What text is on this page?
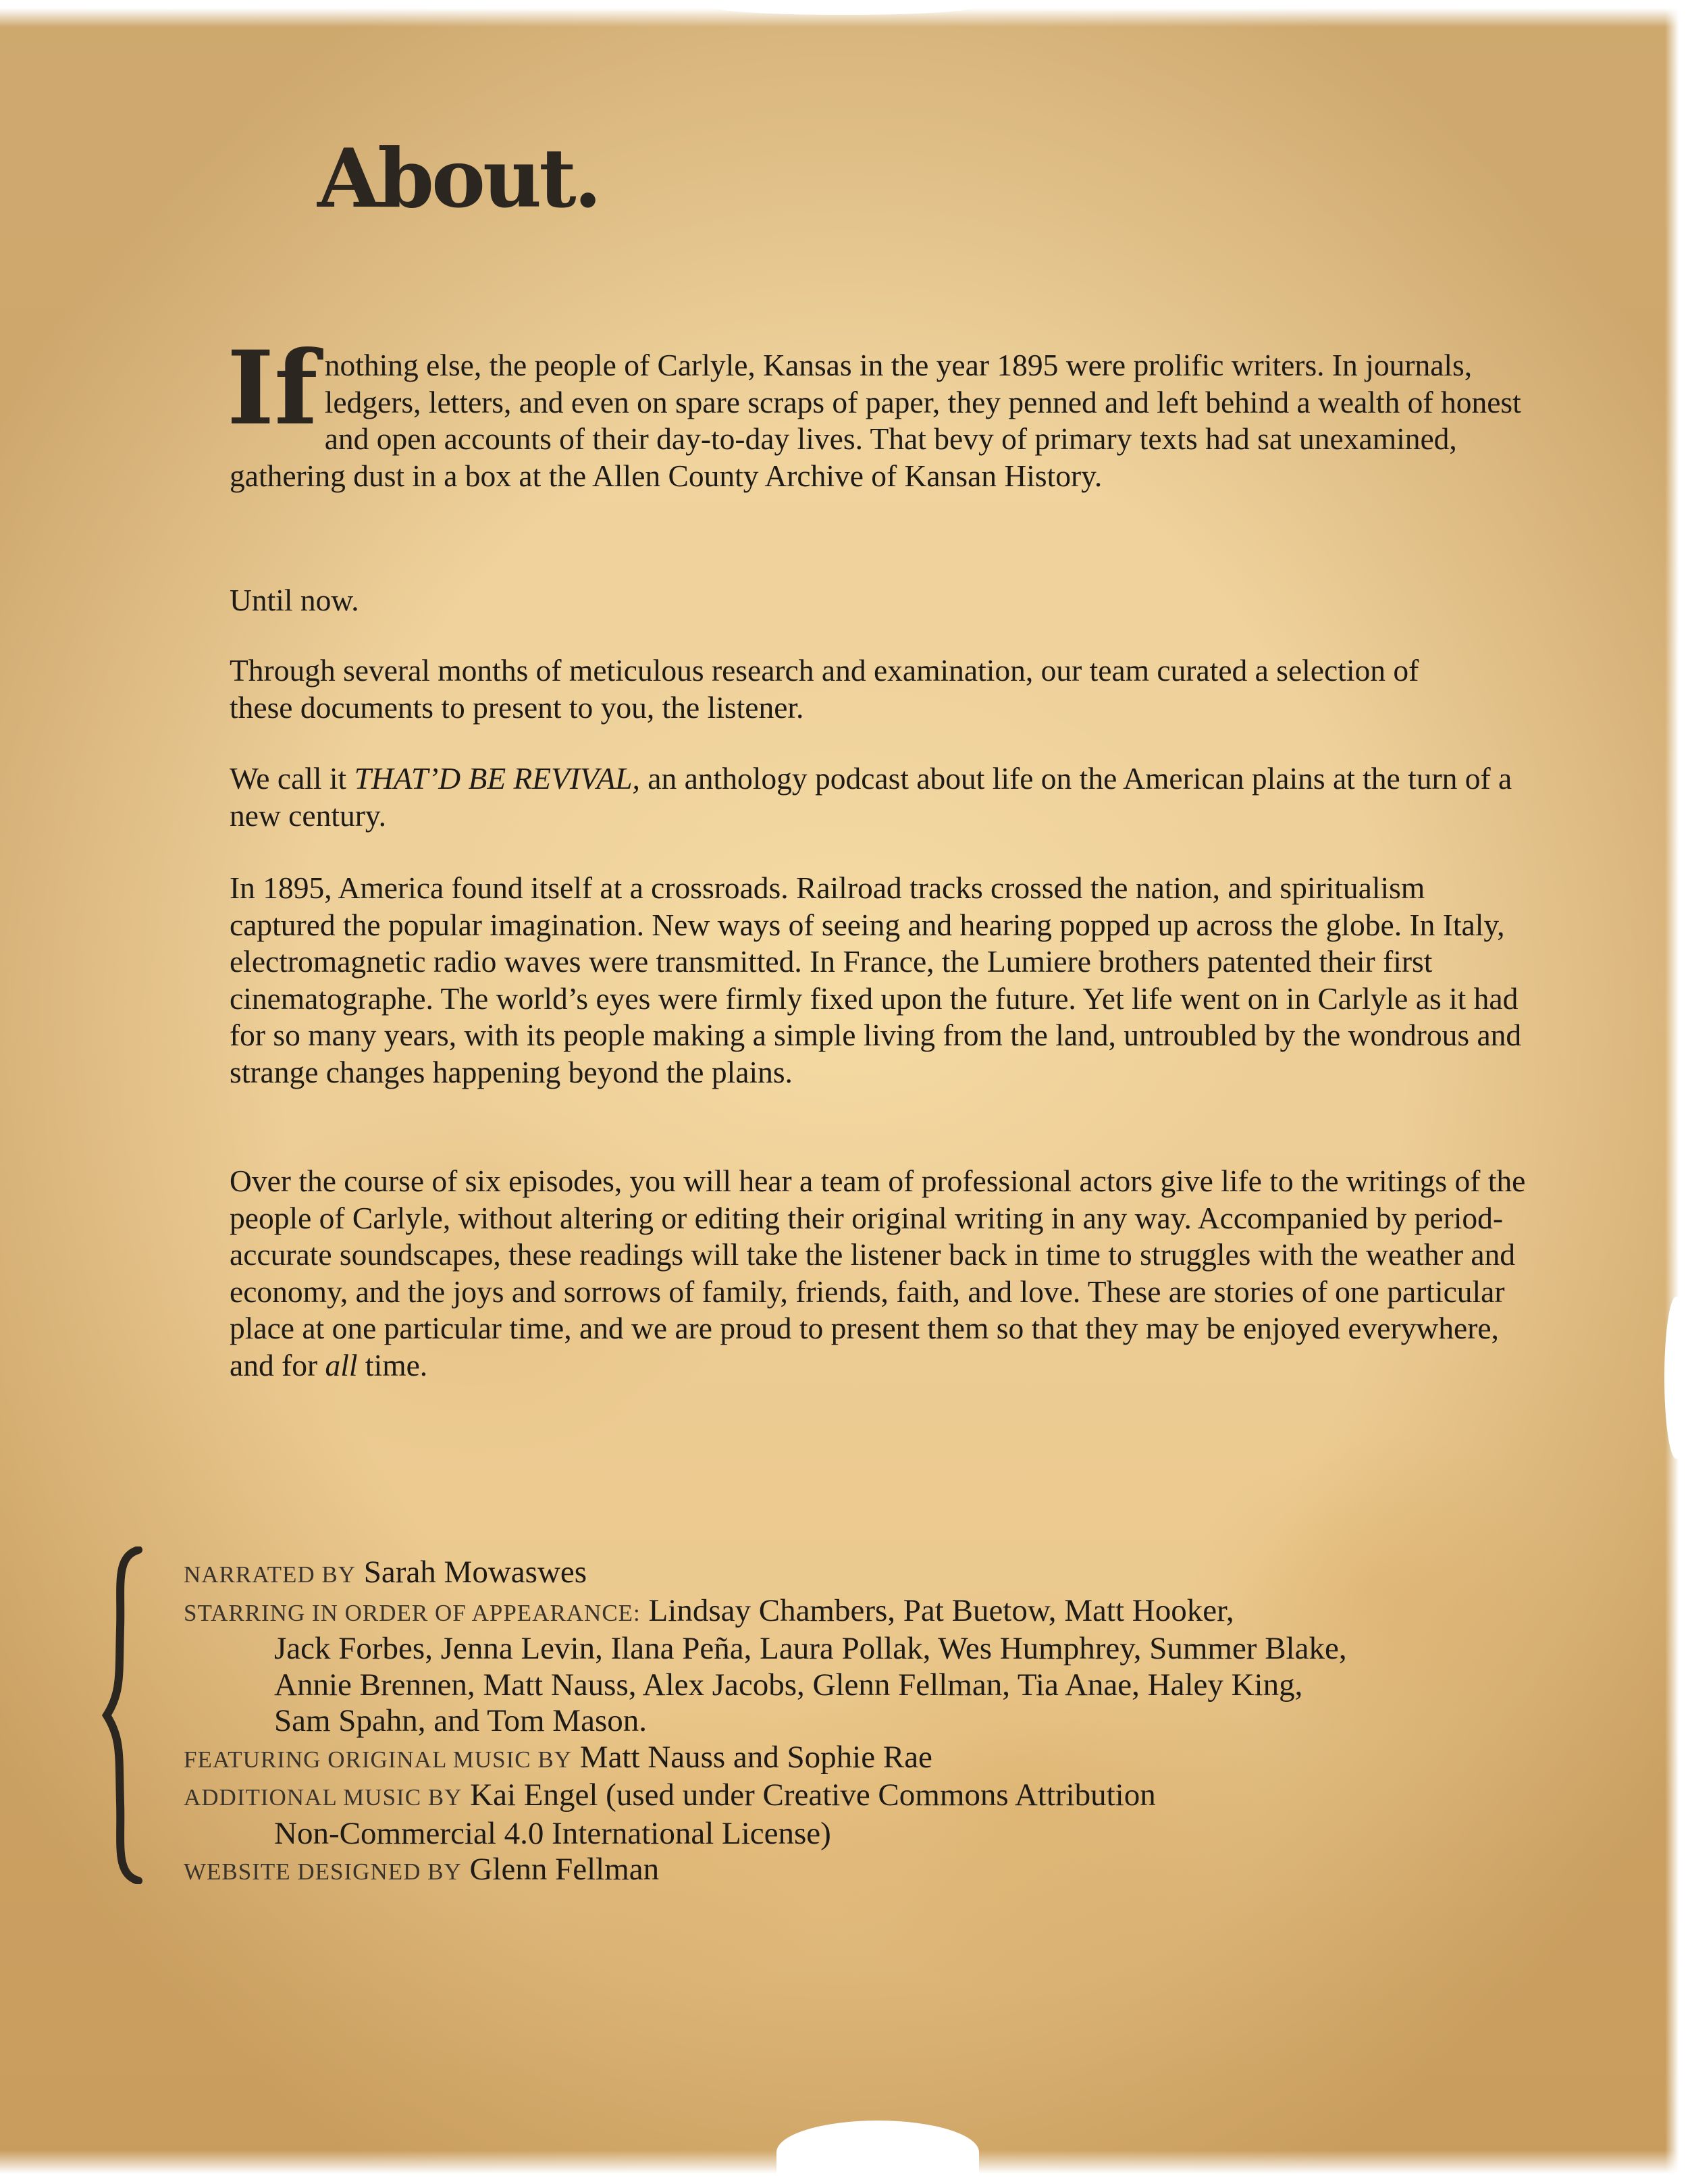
About.

If nothing else, the people of Carlyle, Kansas in the year 1895 were prolific writers. In journals, ledgers, letters, and even on spare scraps of paper, they penned and left behind a wealth of honest and open accounts of their day-to-day lives. That bevy of primary texts had sat unexamined, gathering dust in a box at the Allen County Archive of Kansan History.

Until now.

Through several months of meticulous research and examination, our team curated a selection of these documents to present to you, the listener.

We call it THAT’D BE REVIVAL, an anthology podcast about life on the American plains at the turn of a new century.

In 1895, America found itself at a crossroads. Railroad tracks crossed the nation, and spiritualism captured the popular imagination. New ways of seeing and hearing popped up across the globe. In Italy, electromagnetic radio waves were transmitted. In France, the Lumiere brothers patented their first cinematographe. The world’s eyes were firmly fixed upon the future. Yet life went on in Carlyle as it had for so many years, with its people making a simple living from the land, untroubled by the wondrous and strange changes happening beyond the plains.

Over the course of six episodes, you will hear a team of professional actors give life to the writings of the people of Carlyle, without altering or editing their original writing in any way. Accompanied by period-accurate soundscapes, these readings will take the listener back in time to struggles with the weather and economy, and the joys and sorrows of family, friends, faith, and love. These are stories of one particular place at one particular time, and we are proud to present them so that they may be enjoyed everywhere, and for all time.

NARRATED BY Sarah Mowaswes
STARRING IN ORDER OF APPEARANCE: Lindsay Chambers, Pat Buetow, Matt Hooker,
Jack Forbes, Jenna Levin, Ilana Peña, Laura Pollak, Wes Humphrey, Summer Blake,
Annie Brennen, Matt Nauss, Alex Jacobs, Glenn Fellman, Tia Anae, Haley King,
Sam Spahn, and Tom Mason.
FEATURING ORIGINAL MUSIC BY Matt Nauss and Sophie Rae
ADDITIONAL MUSIC BY Kai Engel (used under Creative Commons Attribution
Non-Commercial 4.0 International License)
WEBSITE DESIGNED BY Glenn Fellman
